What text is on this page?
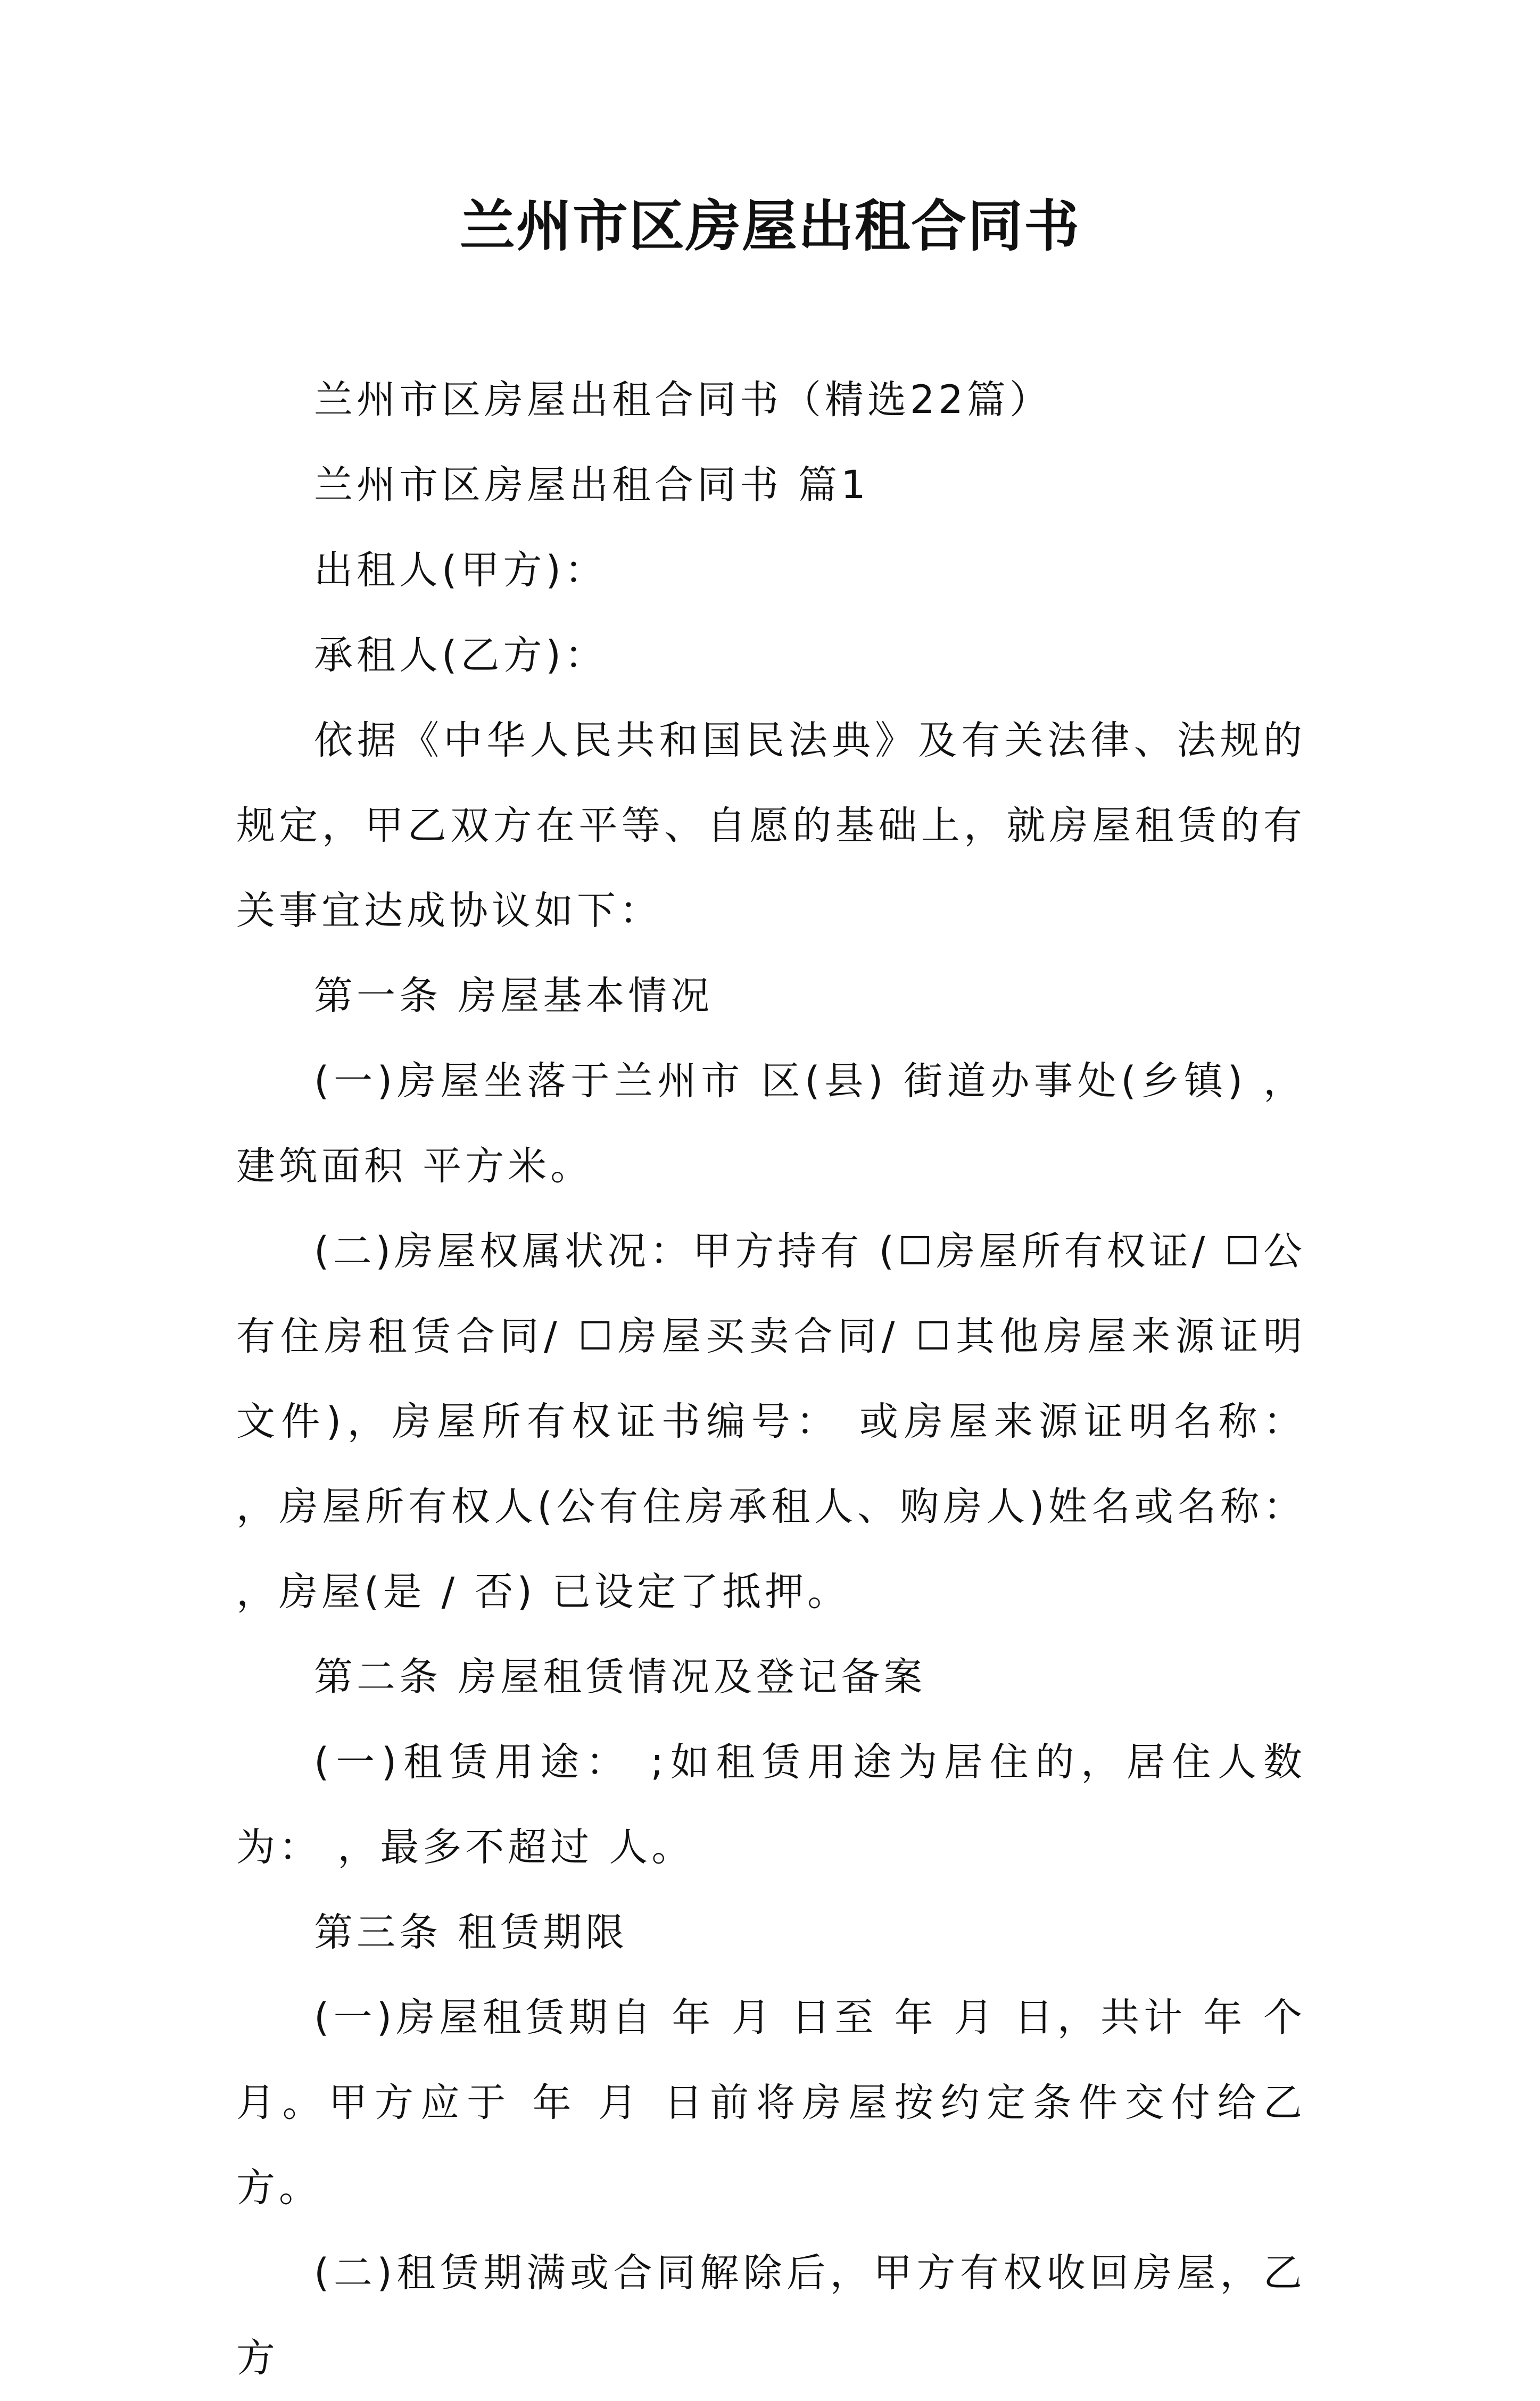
兰州市区房屋出租合同书

兰州市区房屋出租合同书（精选22篇）

兰州市区房屋出租合同书 篇1

出租人(甲方)：

承租人(乙方)：

依据《中华人民共和国民法典》及有关法律、法规的规定，甲乙双方在平等、自愿的基础上，就房屋租赁的有关事宜达成协议如下：

第一条 房屋基本情况

(一)房屋坐落于兰州市 区(县) 街道办事处(乡镇) ，建筑面积 平方米。

(二)房屋权属状况：甲方持有 (☐房屋所有权证/ ☐公有住房租赁合同/ ☐房屋买卖合同/ ☐其他房屋来源证明文件)，房屋所有权证书编号： 或房屋来源证明名称： ，房屋所有权人(公有住房承租人、购房人)姓名或名称： ，房屋(是 / 否) 已设定了抵押。

第二条 房屋租赁情况及登记备案

(一)租赁用途： ;如租赁用途为居住的，居住人数为： ，最多不超过 人。

第三条 租赁期限

(一)房屋租赁期自 年 月 日至 年 月 日，共计 年 个月。甲方应于 年 月 日前将房屋按约定条件交付给乙方。

(二)租赁期满或合同解除后，甲方有权收回房屋，乙方
